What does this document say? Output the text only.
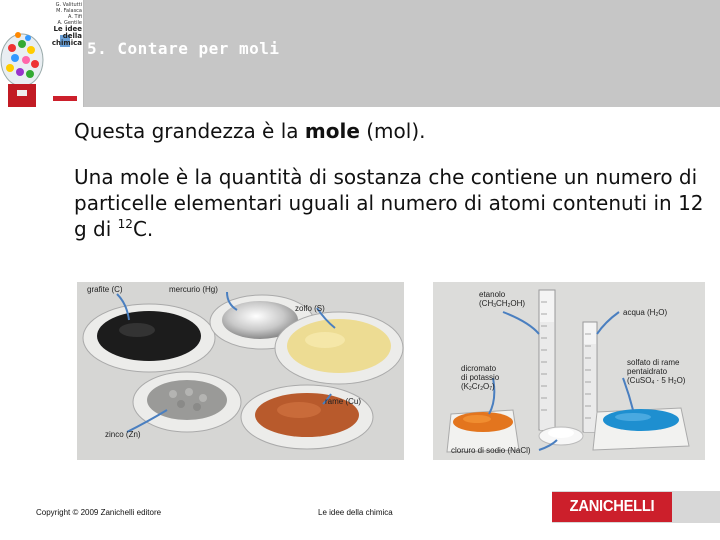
G. Valitutti
M. Falasca
A. Tifi
A. Gentile
Le idee della
chimica 5. Contare per moli
Questa grandezza è la mole (mol).
Una mole è la quantità di sostanza che contiene un numero di particelle elementari uguali al numero di atomi contenuti in 12 g di $^{12}$C.
grafite (C)	mercurio (Hg)
zolfo (S)
rame (Cu)
zinco (Zn)
etanolo
$(CH_3CH_2OH)$
acqua $(H_2O)$
dicromato
di potassio
$(K_2Cr_2O_7)$
solfato di rame
pentaidrato
(CuSO$_4$ · 5 $H_2O$)
cloruro di sodio (NaCl)
Copyright © 2009 Zanichelli editore	Le idee della chimica	ZANICHELLI
